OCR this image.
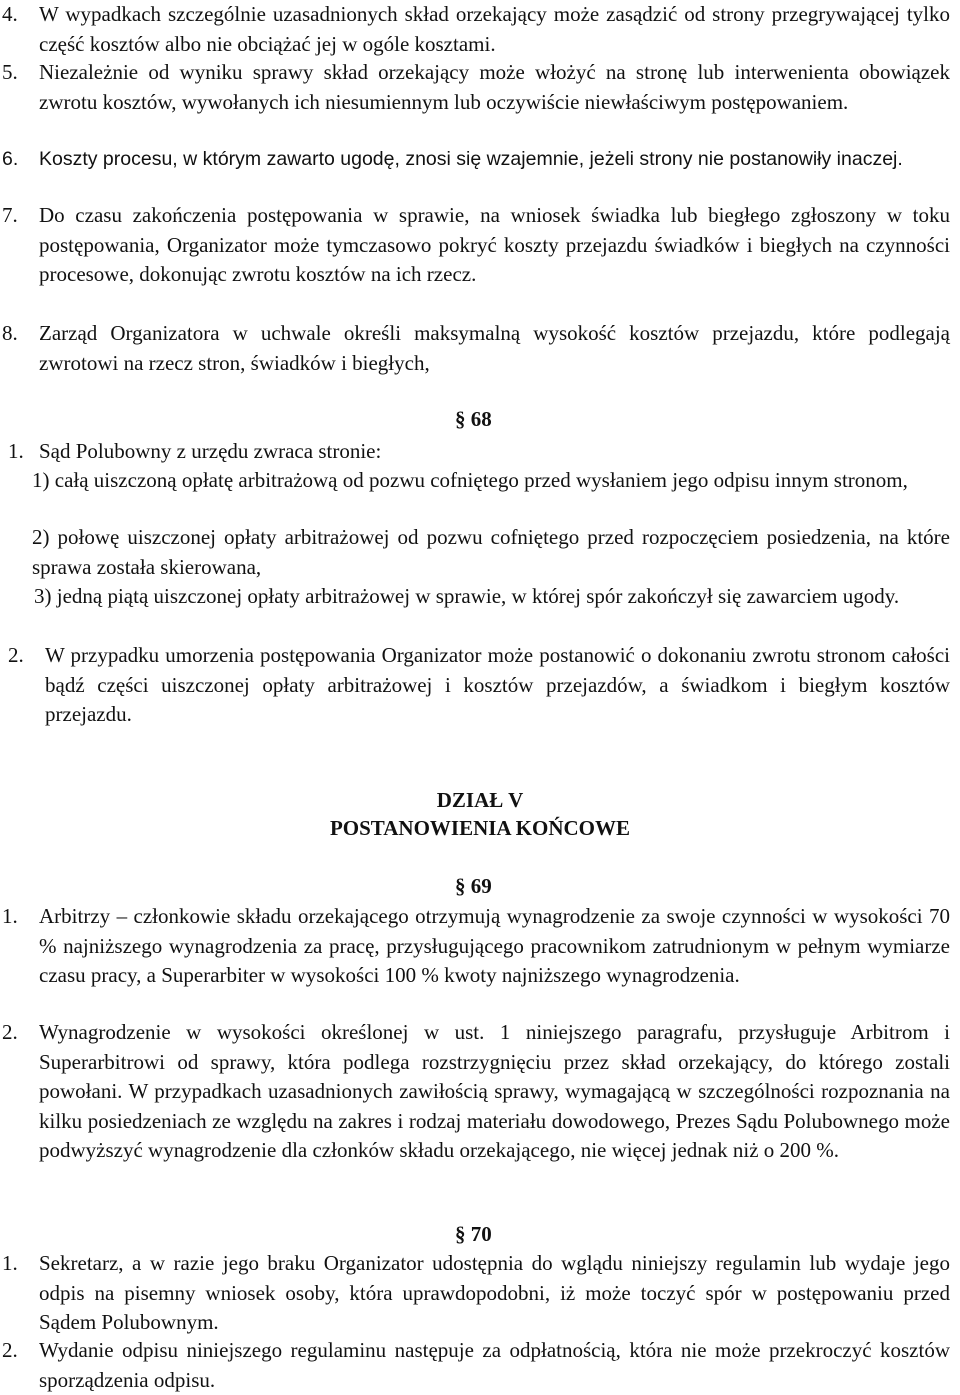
4.	W wypadkach szczególnie uzasadnionych skład orzekający może zasądzić od strony przegrywającej tylko część kosztów albo nie obciążać jej w ogóle kosztami.
5.	Niezależnie od wyniku sprawy skład orzekający może włożyć na stronę lub interwenienta obowiązek zwrotu kosztów, wywołanych ich niesumiennym lub oczywiście niewłaściwym postępowaniem.
6.	Koszty procesu, w którym zawarto ugodę, znosi się wzajemnie, jeżeli strony nie postanowiły inaczej.
7.	Do czasu zakończenia postępowania w sprawie, na wniosek świadka lub biegłego zgłoszony w toku postępowania, Organizator może tymczasowo pokryć koszty przejazdu świadków i biegłych na czynności procesowe, dokonując zwrotu kosztów na ich rzecz.
8.	Zarząd Organizatora w uchwale określi maksymalną wysokość kosztów przejazdu, które podlegają zwrotowi na rzecz stron, świadków i biegłych,
§ 68
1. Sąd Polubowny z urzędu zwraca stronie:
1) całą uiszczoną opłatę arbitrażową od pozwu cofniętego przed wysłaniem jego odpisu innym stronom,
2) połowę uiszczonej opłaty arbitrażowej od pozwu cofniętego przed rozpoczęciem posiedzenia, na które sprawa została skierowana,
3) jedną piątą uiszczonej opłaty arbitrażowej w sprawie, w której spór zakończył się zawarciem ugody.
2.	W przypadku umorzenia postępowania Organizator może postanowić o dokonaniu zwrotu stronom całości bądź części uiszczonej opłaty arbitrażowej i kosztów przejazdów, a świadkom i biegłym kosztów przejazdu.
DZIAŁ V
POSTANOWIENIA KOŃCOWE
§ 69
1.	Arbitrzy – członkowie składu orzekającego otrzymują wynagrodzenie za swoje czynności w wysokości 70 % najniższego wynagrodzenia za pracę, przysługującego pracownikom zatrudnionym w pełnym wymiarze czasu pracy, a Superarbiter w wysokości 100 % kwoty najniższego wynagrodzenia.
2.	Wynagrodzenie w wysokości określonej w ust. 1 niniejszego paragrafu, przysługuje Arbitrom i Superarbitrowi od sprawy, która podlega rozstrzygnięciu przez skład orzekający, do którego zostali powołani. W przypadkach uzasadnionych zawiłością sprawy, wymagającą w szczególności rozpoznania na kilku posiedzeniach ze względu na zakres i rodzaj materiału dowodowego, Prezes Sądu Polubownego może podwyższyć wynagrodzenie dla członków składu orzekającego, nie więcej jednak niż o 200 %.
§ 70
1.	Sekretarz, a w razie jego braku Organizator udostępnia do wglądu niniejszy regulamin lub wydaje jego odpis na pisemny wniosek osoby, która uprawdopodobni, iż może toczyć spór w postępowaniu przed Sądem Polubownym.
2.	Wydanie odpisu niniejszego regulaminu następuje za odpłatnością, która nie może przekroczyć kosztów sporządzenia odpisu.
